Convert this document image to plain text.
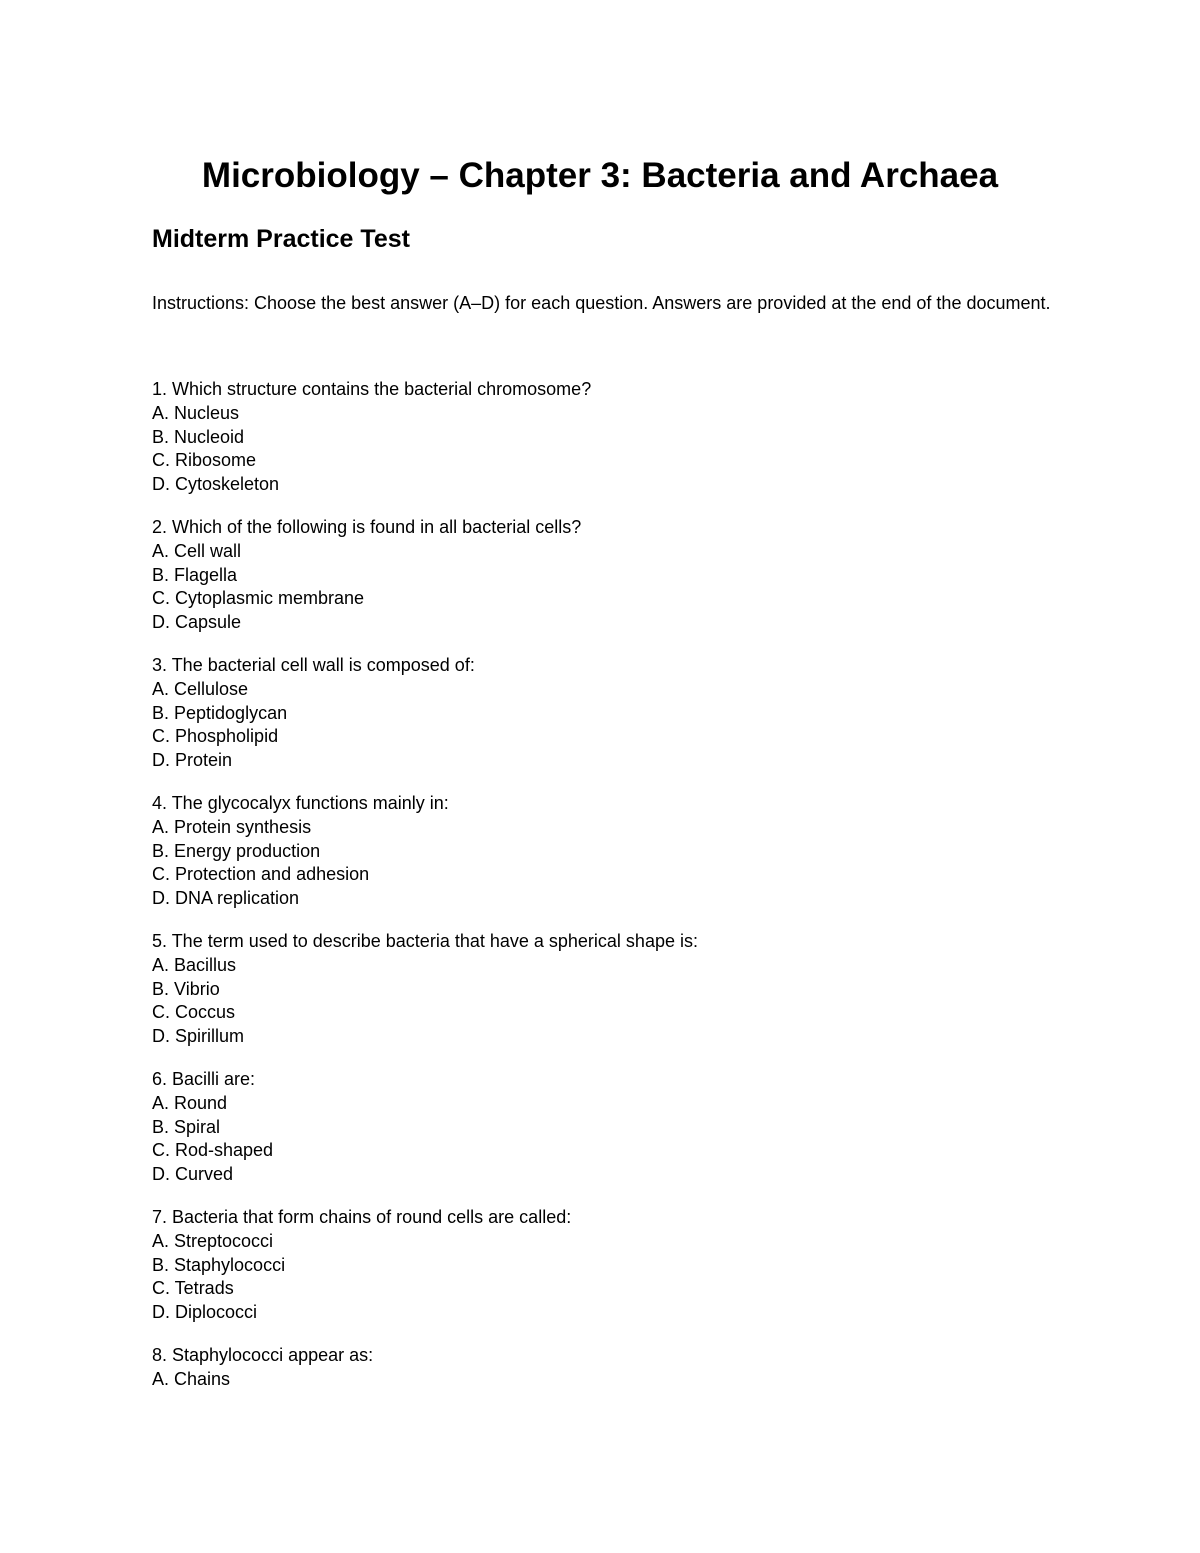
Microbiology – Chapter 3: Bacteria and Archaea
Midterm Practice Test

Instructions: Choose the best answer (A–D) for each question. Answers are provided at the end of the document.

1. Which structure contains the bacterial chromosome?

A. Nucleus

B. Nucleoid

C. Ribosome

D. Cytoskeleton

2. Which of the following is found in all bacterial cells?

A. Cell wall

B. Flagella

C. Cytoplasmic membrane

D. Capsule

3. The bacterial cell wall is composed of:

A. Cellulose

B. Peptidoglycan

C. Phospholipid

D. Protein

4. The glycocalyx functions mainly in:

A. Protein synthesis

B. Energy production

C. Protection and adhesion

D. DNA replication

5. The term used to describe bacteria that have a spherical shape is:

A. Bacillus

B. Vibrio

C. Coccus

D. Spirillum

6. Bacilli are:

A. Round

B. Spiral

C. Rod-shaped

D. Curved

7. Bacteria that form chains of round cells are called:

A. Streptococci

B. Staphylococci

C. Tetrads

D. Diplococci

8. Staphylococci appear as:

A. Chains
